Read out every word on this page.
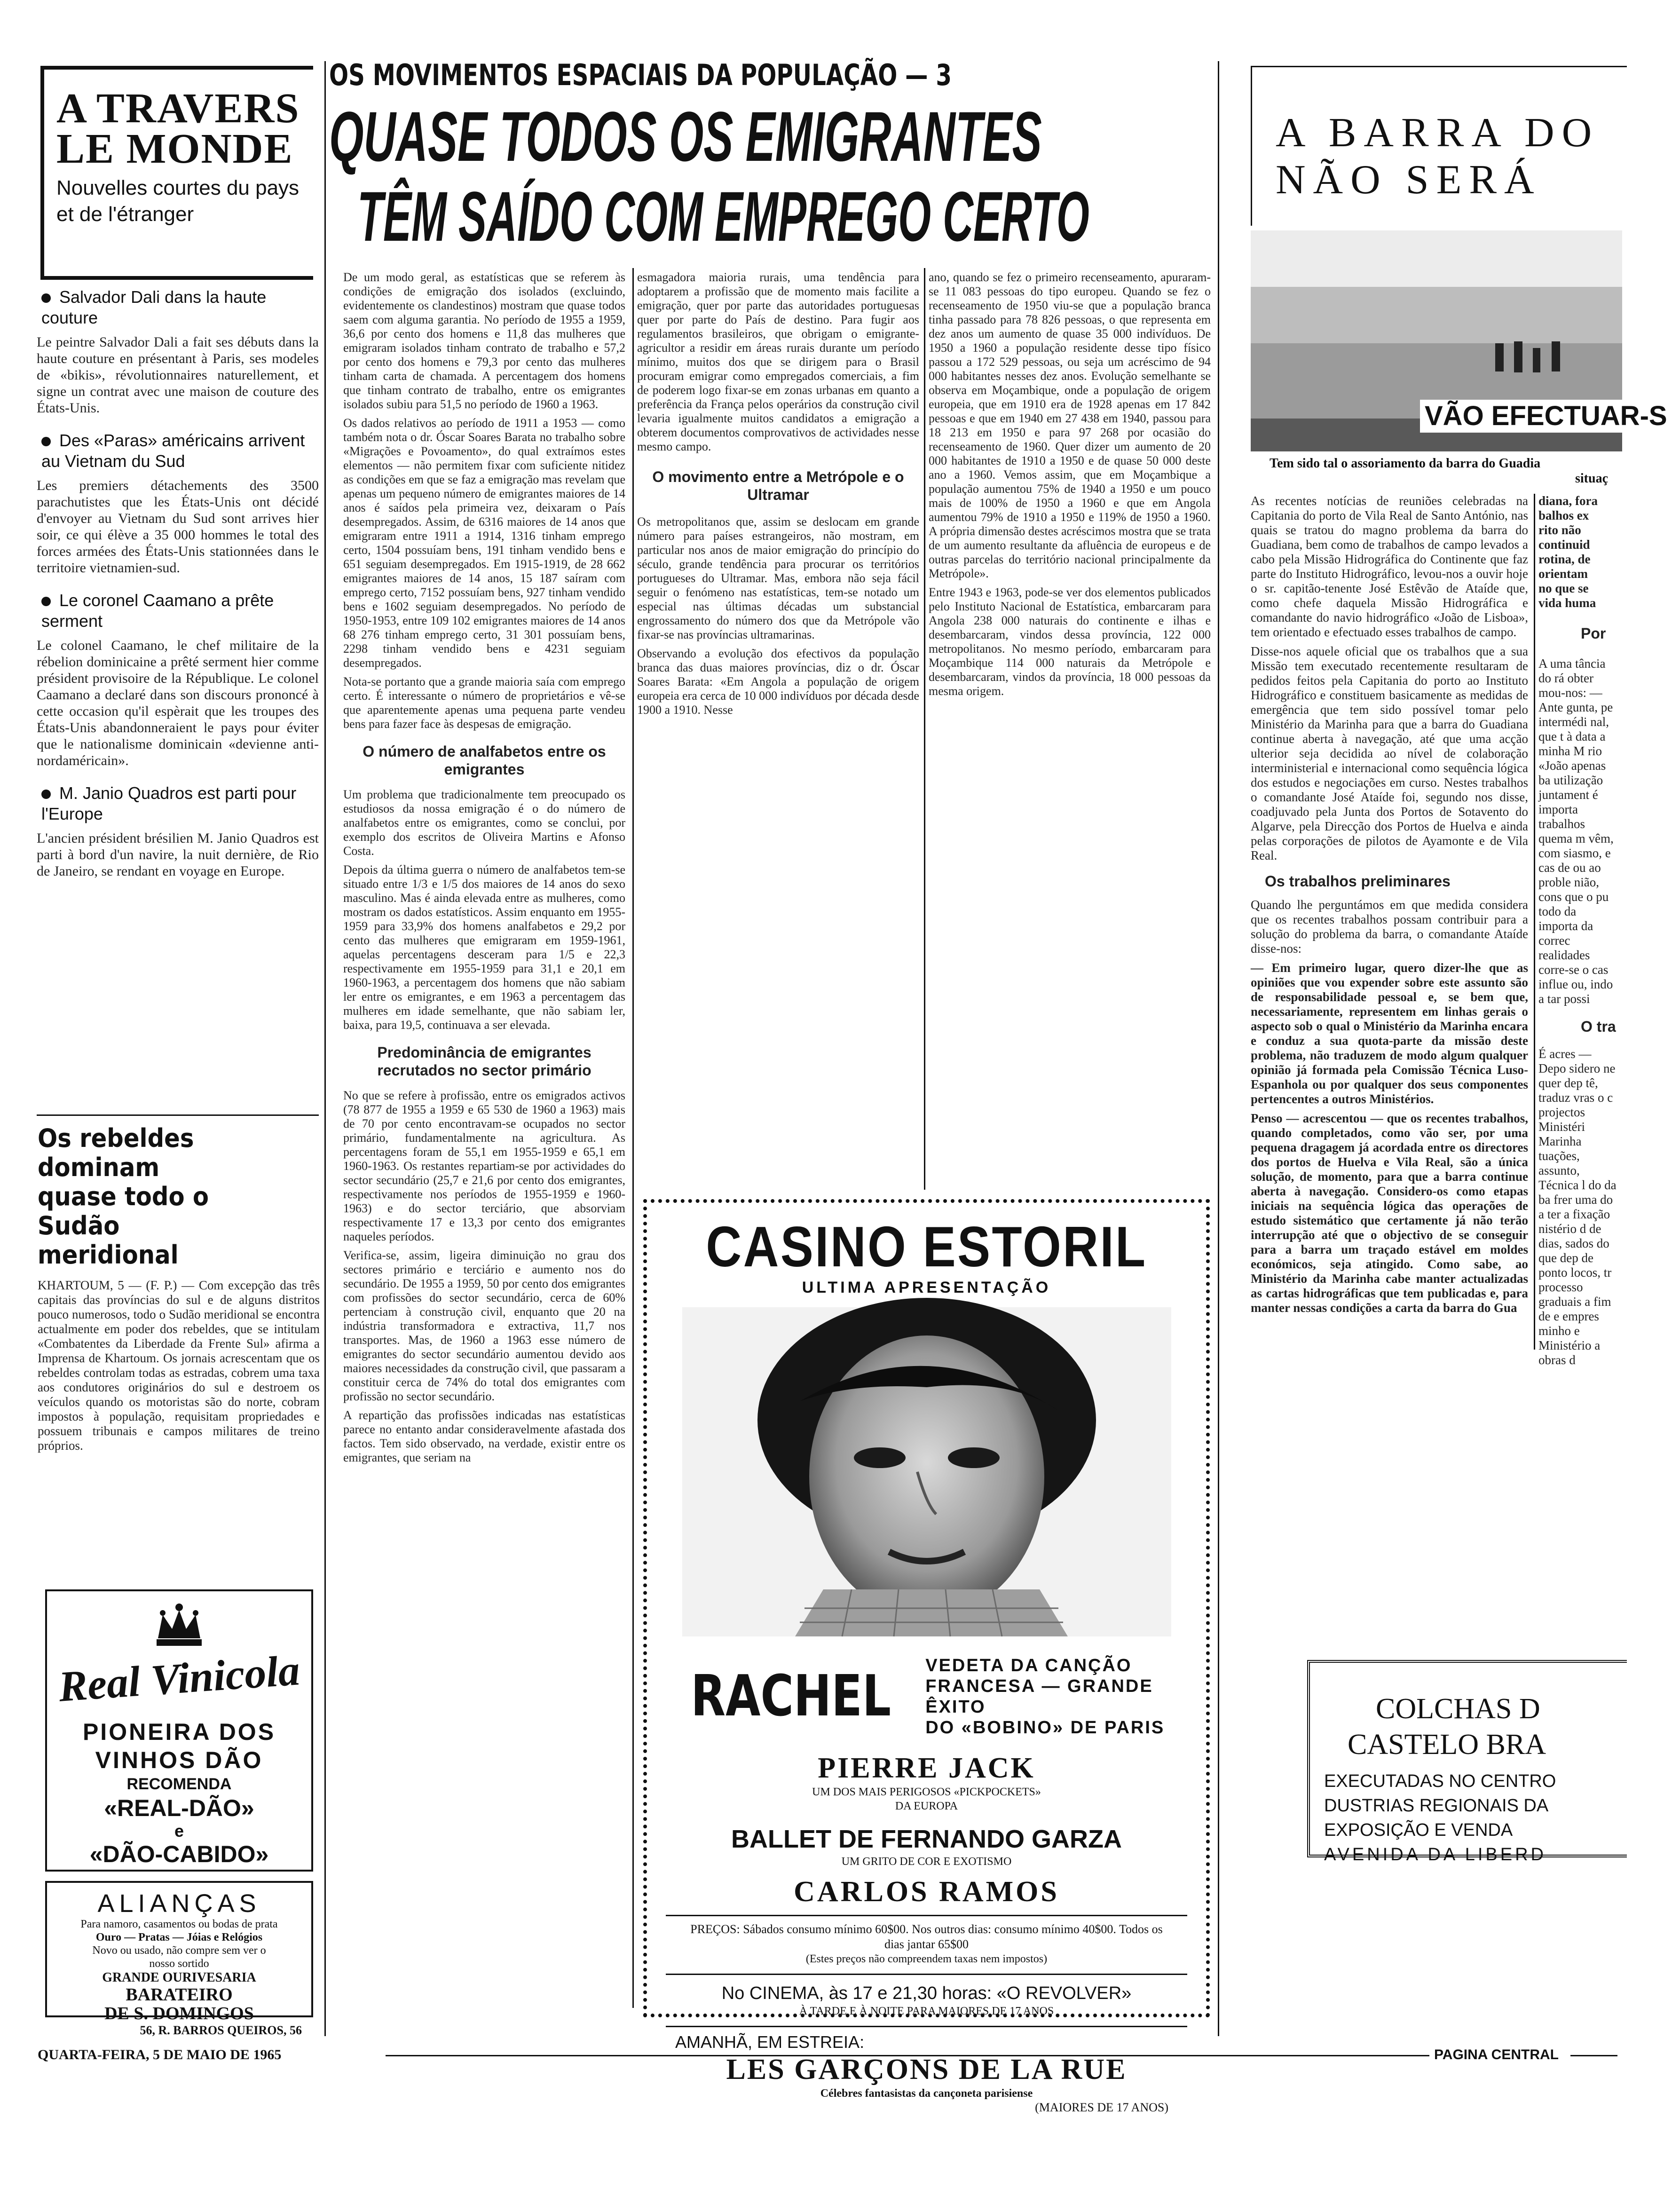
A TRAVERS LE MONDE
Nouvelles courtes du pays et de l'étranger
Salvador Dali dans la haute couture
Le peintre Salvador Dali a fait ses débuts dans la haute couture en présentant à Paris, ses modeles de «bikis», révolutionnaires naturellement, et signe un contrat avec une maison de couture des États-Unis.
Des «Paras» américains arrivent au Vietnam du Sud
Les premiers détachements des 3500 parachutistes que les États-Unis ont décidé d'envoyer au Vietnam du Sud sont arrives hier soir, ce qui élève a 35 000 hommes le total des forces armées des États-Unis stationnées dans le territoire vietnamien-sud.
Le coronel Caamano a prête serment
Le colonel Caamano, le chef militaire de la rébelion dominicaine a prêté serment hier comme président provisoire de la République. Le colonel Caamano a declaré dans son discours prononcé à cette occasion qu'il espèrait que les troupes des États-Unis abandonneraient le pays pour éviter que le nationalisme dominicain «devienne anti-nordaméricain».
M. Janio Quadros est parti pour l'Europe
L'ancien président brésilien M. Janio Quadros est parti à bord d'un navire, la nuit dernière, de Rio de Janeiro, se rendant en voyage en Europe.
Os rebeldes dominam quase todo o Sudão meridional
KHARTOUM, 5 — (F. P.) — Com excepção das três capitais das províncias do sul e de alguns distritos pouco numerosos, todo o Sudão meridional se encontra actualmente em poder dos rebeldes, que se intitulam «Combatentes da Liberdade da Frente Sul» afirma a Imprensa de Khartoum. Os jornais acrescentam que os rebeldes controlam todas as estradas, cobrem uma taxa aos condutores originários do sul e destroem os veículos quando os motoristas são do norte, cobram impostos à população, requisitam propriedades e possuem tribunais e campos militares de treino próprios.
Real Vinicola
PIONEIRA DOS
VINHOS DÃO
RECOMENDA
«REAL-DÃO»
e
«DÃO-CABIDO»
ALIANÇAS
Para namoro, casamentos ou bodas de prata
Ouro — Pratas — Jóias e Relógios
Novo ou usado, não compre sem ver o nosso sortido
GRANDE OURIVESARIA
BARATEIRO
DE S. DOMINGOS
56, R. BARROS QUEIROS, 56
OS MOVIMENTOS ESPACIAIS DA POPULAÇÃO — 3
QUASE TODOS OS EMIGRANTES
TÊM SAÍDO COM EMPREGO CERTO

De um modo geral, as estatísticas que se referem às condições de emigração dos isolados (excluindo, evidentemente os clandestinos) mostram que quase todos saem com alguma garantia. No período de 1955 a 1959, 36,6 por cento dos homens e 11,8 das mulheres que emigraram isolados tinham contrato de trabalho e 57,2 por cento dos homens e 79,3 por cento das mulheres tinham carta de chamada. A percentagem dos homens que tinham contrato de trabalho, entre os emigrantes isolados subiu para 51,5 no período de 1960 a 1963.

Os dados relativos ao período de 1911 a 1953 — como também nota o dr. Óscar Soares Barata no trabalho sobre «Migrações e Povoamento», do qual extraímos estes elementos — não permitem fixar com suficiente nitidez as condições em que se faz a emigração mas revelam que apenas um pequeno número de emigrantes maiores de 14 anos é saídos pela primeira vez, deixaram o País desempregados. Assim, de 6316 maiores de 14 anos que emigraram entre 1911 a 1914, 1316 tinham emprego certo, 1504 possuíam bens, 191 tinham vendido bens e 651 seguiam desempregados. Em 1915-1919, de 28 662 emigrantes maiores de 14 anos, 15 187 saíram com emprego certo, 7152 possuíam bens, 927 tinham vendido bens e 1602 seguiam desempregados. No período de 1950-1953, entre 109 102 emigrantes maiores de 14 anos 68 276 tinham emprego certo, 31 301 possuíam bens, 2298 tinham vendido bens e 4231 seguiam desempregados.

Nota-se portanto que a grande maioria saía com emprego certo. É interessante o número de proprietários e vê-se que aparentemente apenas uma pequena parte vendeu bens para fazer face às despesas de emigração.

O número de analfabetos entre os emigrantes

Um problema que tradicionalmente tem preocupado os estudiosos da nossa emigração é o do número de analfabetos entre os emigrantes, como se conclui, por exemplo dos escritos de Oliveira Martins e Afonso Costa.

Depois da última guerra o número de analfabetos tem-se situado entre 1/3 e 1/5 dos maiores de 14 anos do sexo masculino. Mas é ainda elevada entre as mulheres, como mostram os dados estatísticos. Assim enquanto em 1955-1959 para 33,9% dos homens analfabetos e 29,2 por cento das mulheres que emigraram em 1959-1961, aquelas percentagens desceram para 1/5 e 22,3 respectivamente em 1955-1959 para 31,1 e 20,1 em 1960-1963, a percentagem dos homens que não sabiam ler entre os emigrantes, e em 1963 a percentagem das mulheres em idade semelhante, que não sabiam ler, baixa, para 19,5, continuava a ser elevada.

Predominância de emigrantes recrutados no sector primário

No que se refere à profissão, entre os emigrados activos (78 877 de 1955 a 1959 e 65 530 de 1960 a 1963) mais de 70 por cento encontravam-se ocupados no sector primário, fundamentalmente na agricultura. As percentagens foram de 55,1 em 1955-1959 e 65,1 em 1960-1963. Os restantes repartiam-se por actividades do sector secundário (25,7 e 21,6 por cento dos emigrantes, respectivamente nos períodos de 1955-1959 e 1960-1963) e do sector terciário, que absorviam respectivamente 17 e 13,3 por cento dos emigrantes naqueles períodos.

Verifica-se, assim, ligeira diminuição no grau dos sectores primário e terciário e aumento nos do secundário. De 1955 a 1959, 50 por cento dos emigrantes com profissões do sector secundário, cerca de 60% pertenciam à construção civil, enquanto que 20 na indústria transformadora e extractiva, 11,7 nos transportes. Mas, de 1960 a 1963 esse número de emigrantes do sector secundário aumentou devido aos maiores necessidades da construção civil, que passaram a constituir cerca de 74% do total dos emigrantes com profissão no sector secundário.

A repartição das profissões indicadas nas estatísticas parece no entanto andar consideravelmente afastada dos factos. Tem sido observado, na verdade, existir entre os emigrantes, que seriam na

esmagadora maioria rurais, uma tendência para adoptarem a profissão que de momento mais facilite a emigração, quer por parte das autoridades portuguesas quer por parte do País de destino. Para fugir aos regulamentos brasileiros, que obrigam o emigrante-agricultor a residir em áreas rurais durante um período mínimo, muitos dos que se dirigem para o Brasil procuram emigrar como empregados comerciais, a fim de poderem logo fixar-se em zonas urbanas em quanto a preferência da França pelos operários da construção civil levaria igualmente muitos candidatos a emigração a obterem documentos comprovativos de actividades nesse mesmo campo.

O movimento entre a Metrópole e o Ultramar

Os metropolitanos que, assim se deslocam em grande número para países estrangeiros, não mostram, em particular nos anos de maior emigração do princípio do século, grande tendência para procurar os territórios portugueses do Ultramar. Mas, embora não seja fácil seguir o fenómeno nas estatísticas, tem-se notado um especial nas últimas décadas um substancial engrossamento do número dos que da Metrópole vão fixar-se nas províncias ultramarinas.

Observando a evolução dos efectivos da população branca das duas maiores províncias, diz o dr. Óscar Soares Barata: «Em Angola a população de origem europeia era cerca de 10 000 indivíduos por década desde 1900 a 1910. Nesse

ano, quando se fez o primeiro recenseamento, apuraram-se 11 083 pessoas do tipo europeu. Quando se fez o recenseamento de 1950 viu-se que a população branca tinha passado para 78 826 pessoas, o que representa em dez anos um aumento de quase 35 000 indivíduos. De 1950 a 1960 a população residente desse tipo físico passou a 172 529 pessoas, ou seja um acréscimo de 94 000 habitantes nesses dez anos. Evolução semelhante se observa em Moçambique, onde a população de origem europeia, que em 1910 era de 1928 apenas em 17 842 pessoas e que em 1940 em 27 438 em 1940, passou para 18 213 em 1950 e para 97 268 por ocasião do recenseamento de 1960. Quer dizer um aumento de 20 000 habitantes de 1910 a 1950 e de quase 50 000 deste ano a 1960. Vemos assim, que em Moçambique a população aumentou 75% de 1940 a 1950 e um pouco mais de 100% de 1950 a 1960 e que em Angola aumentou 79% de 1910 a 1950 e 119% de 1950 a 1960. A própria dimensão destes acréscimos mostra que se trata de um aumento resultante da afluência de europeus e de outras parcelas do território nacional principalmente da Metrópole».

Entre 1943 e 1963, pode-se ver dos elementos publicados pelo Instituto Nacional de Estatística, embarcaram para Angola 238 000 naturais do continente e ilhas e desembarcaram, vindos dessa província, 122 000 metropolitanos. No mesmo período, embarcaram para Moçambique 114 000 naturais da Metrópole e desembarcaram, vindos da província, 18 000 pessoas da mesma origem.

CASINO ESTORIL
ULTIMA APRESENTAÇÃO
RACHEL VEDETA DA CANÇÃO
FRANCESA — GRANDE ÊXITO
DO «BOBINO» DE PARIS
PIERRE JACK
UM DOS MAIS PERIGOSOS «PICKPOCKETS»
DA EUROPA
BALLET DE FERNANDO GARZA
UM GRITO DE COR E EXOTISMO
CARLOS RAMOS
PREÇOS: Sábados consumo mínimo 60$00. Nos outros dias: consumo mínimo 40$00. Todos os dias jantar 65$00
(Estes preços não compreendem taxas nem impostos)
No CINEMA, às 17 e 21,30 horas: «O REVOLVER»
À TARDE E À NOITE PARA MAIORES DE 17 ANOS
AMANHÃ, EM ESTREIA:
LES GARÇONS DE LA RUE
Célebres fantasistas da cançoneta parisiense
(MAIORES DE 17 ANOS)
A BARRA DO
NÃO SERÁ
VÃO EFECTUAR-S
Tem sido tal o assoriamento da barra do Guadia
situaç

As recentes notícias de reuniões celebradas na Capitania do porto de Vila Real de Santo António, nas quais se tratou do magno problema da barra do Guadiana, bem como de trabalhos de campo levados a cabo pela Missão Hidrográfica do Continente que faz parte do Instituto Hidrográfico, levou-nos a ouvir hoje o sr. capitão-tenente José Estêvão de Ataíde que, como chefe daquela Missão Hidrográfica e comandante do navio hidrográfico «João de Lisboa», tem orientado e efectuado esses trabalhos de campo.

Disse-nos aquele oficial que os trabalhos que a sua Missão tem executado recentemente resultaram de pedidos feitos pela Capitania do porto ao Instituto Hidrográfico e constituem basicamente as medidas de emergência que tem sido possível tomar pelo Ministério da Marinha para que a barra do Guadiana continue aberta à navegação, até que uma acção ulterior seja decidida ao nível de colaboração interministerial e internacional como sequência lógica dos estudos e negociações em curso. Nestes trabalhos o comandante José Ataíde foi, segundo nos disse, coadjuvado pela Junta dos Portos de Sotavento do Algarve, pela Direcção dos Portos de Huelva e ainda pelas corporações de pilotos de Ayamonte e de Vila Real.

Os trabalhos preliminares

Quando lhe perguntámos em que medida considera que os recentes trabalhos possam contribuir para a solução do problema da barra, o comandante Ataíde disse-nos:

— Em primeiro lugar, quero dizer-lhe que as opiniões que vou expender sobre este assunto são de responsabilidade pessoal e, se bem que, necessariamente, representem em linhas gerais o aspecto sob o qual o Ministério da Marinha encara e conduz a sua quota-parte da missão deste problema, não traduzem de modo algum qualquer opinião já formada pela Comissão Técnica Luso-Espanhola ou por qualquer dos seus componentes pertencentes a outros Ministérios.

Penso — acrescentou — que os recentes trabalhos, quando completados, como vão ser, por uma pequena dragagem já acordada entre os directores dos portos de Huelva e Vila Real, são a única solução, de momento, para que a barra continue aberta à navegação. Considero-os como etapas iniciais na sequência lógica das operações de estudo sistemático que certamente já não terão interrupção até que o objectivo de se conseguir para a barra um traçado estável em moldes económicos, seja atingido. Como sabe, ao Ministério da Marinha cabe manter actualizadas as cartas hidrográficas que tem publicadas e, para manter nessas condições a carta da barra do Gua

diana, fora
balhos ex
rito não
continuid
rotina, de
orientam
no que se
vida huma
Por
A uma tância do rá obter mou-nos: — Ante gunta, pe intermédi nal, que t à data a minha M rio «João apenas ba utilização juntament é importa trabalhos quema m vêm, com siasmo, e cas de ou ao proble nião, cons que o pu todo da importa da correc realidades corre-se o cas influe ou, indo a tar possi
O tra
É acres — Depo sidero ne quer dep tê, traduz vras o c projectos Ministéri Marinha tuações, assunto, Técnica l do da ba frer uma do a ter a fixação nistério d de dias, sados do que dep de ponto locos, tr processo graduais a fim de e empres minho e Ministério a obras d
COLCHAS D
CASTELO BRA
EXECUTADAS NO CENTRO
DUSTRIAS REGIONAIS DA
EXPOSIÇÃO E VENDA
AVENIDA DA LIBERD
QUARTA-FEIRA, 5 DE MAIO DE 1965	PAGINA CENTRAL
